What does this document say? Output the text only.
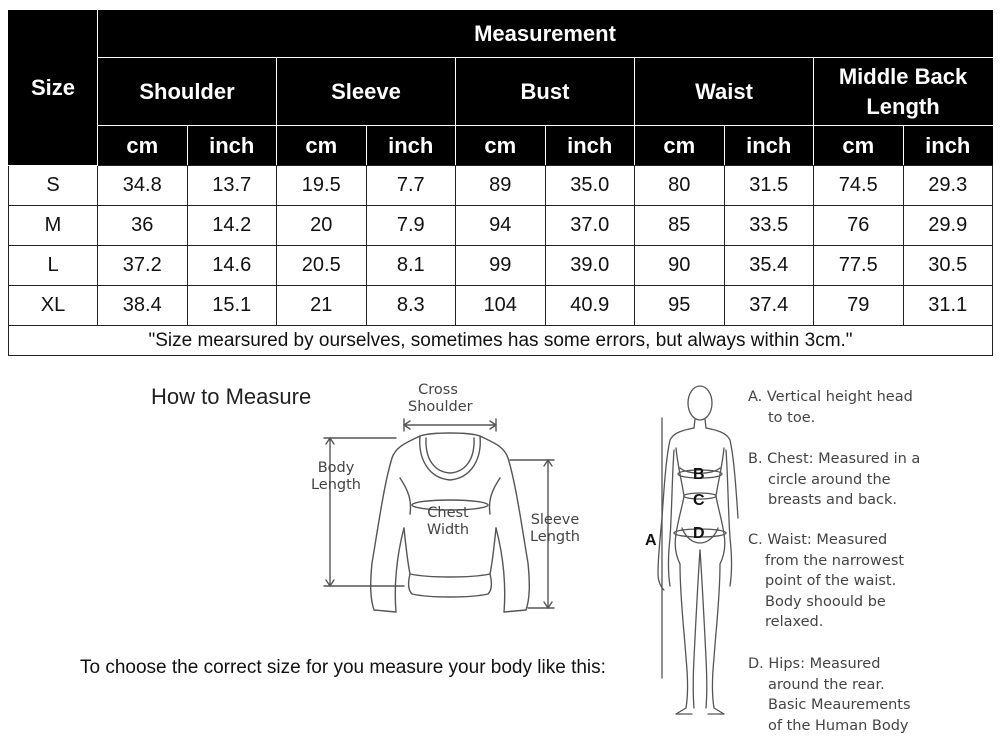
Size	Measurement									
	Shoulder		Sleeve		Bust		Waist		Middle Back
Length	
	cm	inch	cm	inch	cm	inch	cm	inch	cm	inch
S	34.8	13.7	19.5	7.7	89	35.0	80	31.5	74.5	29.3
M	36	14.2	20	7.9	94	37.0	85	33.5	76	29.9
L	37.2	14.6	20.5	8.1	99	39.0	90	35.4	77.5	30.5
XL	38.4	15.1	21	8.3	104	40.9	95	37.4	79	31.1
"Size mearsured by ourselves, sometimes has some errors, but always within 3cm."										
How to Measure	Cross
Shoulder
Body
Length
Chest
Width
Sleeve
Length
B
C
D
A
A. Vertical height head
to toe.
B. Chest: Measured in a
circle around the
breasts and back.
C. Waist: Measured
from the narrowest
point of the waist.
Body shoould be
relaxed.
D. Hips: Measured
around the rear.
Basic Meaurements
of the Human Body
To choose the correct size for you measure your body like this:
